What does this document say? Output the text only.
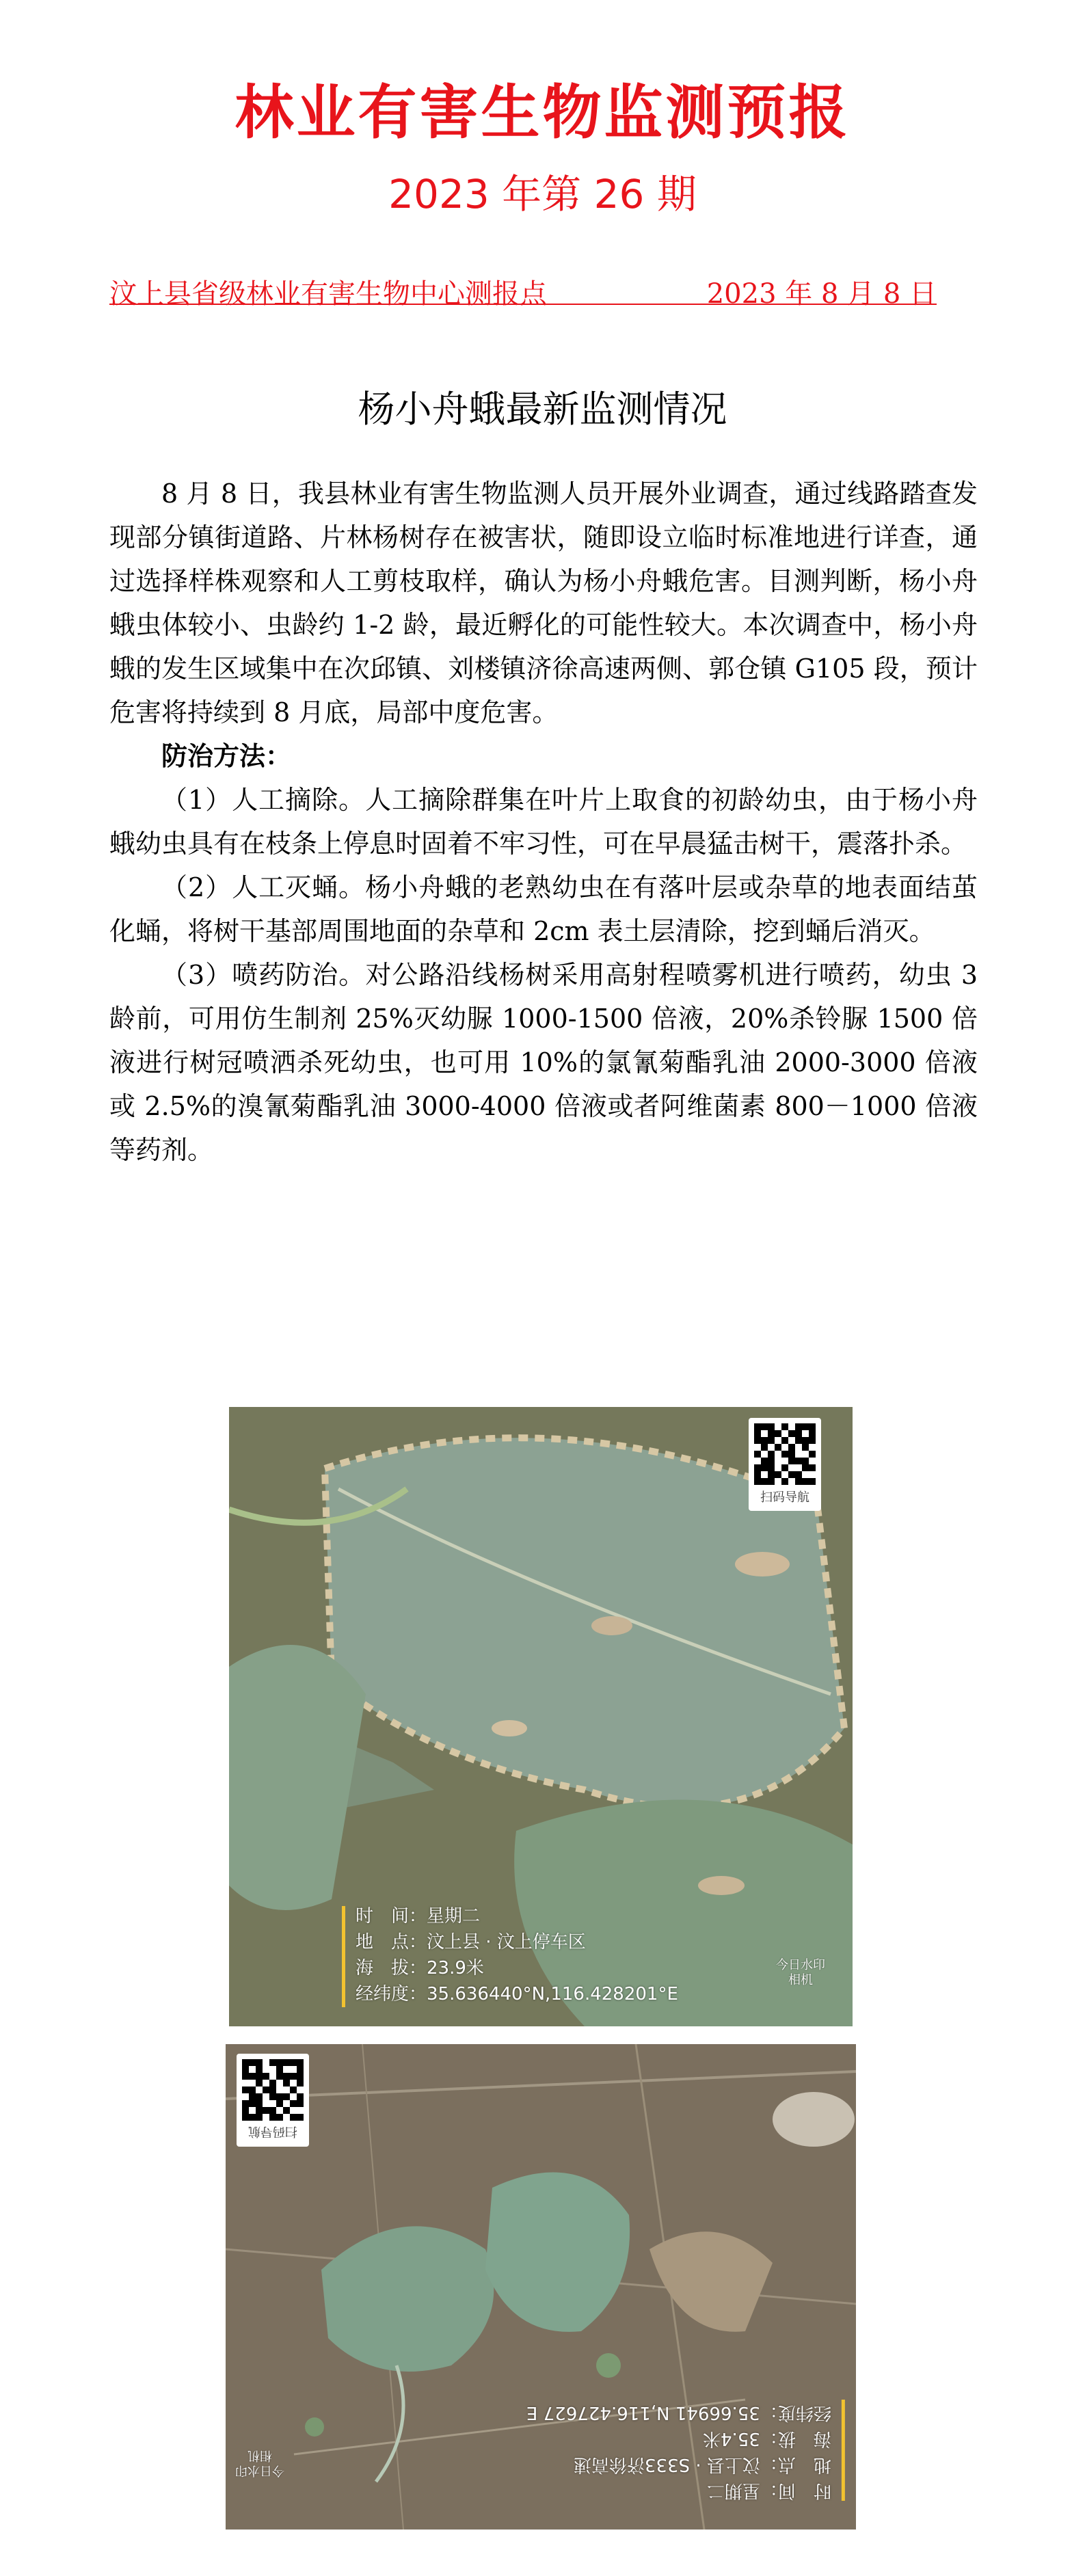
林业有害生物监测预报
2023 年第 26 期
汶上县省级林业有害生物中心测报点	2023 年 8 月 8 日
杨小舟蛾最新监测情况

8 月 8 日，我县林业有害生物监测人员开展外业调查，通过线路踏查发现部分镇街道路、片林杨树存在被害状，随即设立临时标准地进行详查，通过选择样株观察和人工剪枝取样，确认为杨小舟蛾危害。目测判断，杨小舟蛾虫体较小、虫龄约 1-2 龄，最近孵化的可能性较大。本次调查中，杨小舟蛾的发生区域集中在次邱镇、刘楼镇济徐高速两侧、郭仓镇 G105 段，预计危害将持续到 8 月底，局部中度危害。

防治方法：

（1）人工摘除。人工摘除群集在叶片上取食的初龄幼虫，由于杨小舟蛾幼虫具有在枝条上停息时固着不牢习性，可在早晨猛击树干，震落扑杀。

（2）人工灭蛹。杨小舟蛾的老熟幼虫在有落叶层或杂草的地表面结茧化蛹，将树干基部周围地面的杂草和 2cm 表土层清除，挖到蛹后消灭。

（3）喷药防治。对公路沿线杨树采用高射程喷雾机进行喷药，幼虫 3 龄前，可用仿生制剂 25%灭幼脲 1000-1500 倍液，20%杀铃脲 1500 倍液进行树冠喷洒杀死幼虫，也可用 10%的氯氰菊酯乳油 2000-3000 倍液或 2.5%的溴氰菊酯乳油 3000-4000 倍液或者阿维菌素 800－1000 倍液等药剂。

扫码导航
时　间：星期二
地　点：汶上县 · 汶上停车区
海　拔：23.9米
经纬度：35.636440°N,116.428201°E
今日水印
相机
扫码导航
时　间：星期二
地　点：汶上县 · S333济徐高速
海　拔：35.4米
经纬度：35.66941 N,116.427627 E
今日水印
相机
